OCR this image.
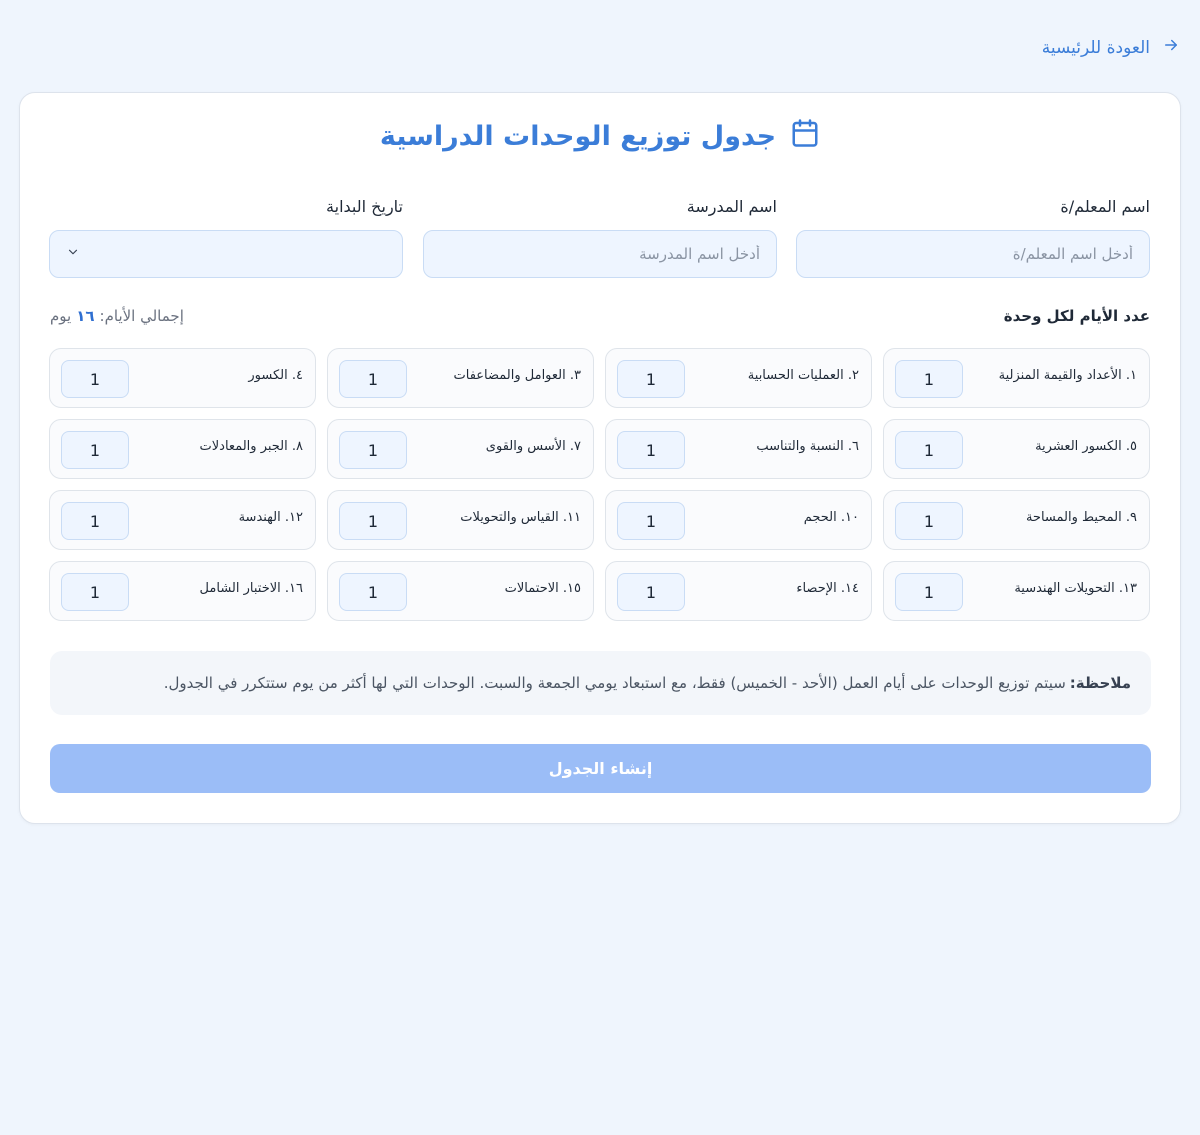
العودة للرئيسية
جدول توزيع الوحدات الدراسية
اسم المعلم/ة
اسم المدرسة
تاريخ البداية
أدخل اسم المعلم/ة
أدخل اسم المدرسة
عدد الأيام لكل وحدة
إجمالي الأيام:
١٦
يوم
١. الأعداد والقيمة المنزلية
1
٢. العمليات الحسابية
1
٣. العوامل والمضاعفات
1
٤. الكسور
1
٥. الكسور العشرية
1
٦. النسبة والتناسب
1
٧. الأسس والقوى
1
٨. الجبر والمعادلات
1
٩. المحيط والمساحة
1
١٠. الحجم
1
١١. القياس والتحويلات
1
١٢. الهندسة
1
١٣. التحويلات الهندسية
1
١٤. الإحصاء
1
١٥. الاحتمالات
1
١٦. الاختبار الشامل
1
ملاحظة:
سيتم توزيع الوحدات على أيام العمل (الأحد - الخميس) فقط، مع استبعاد يومي الجمعة والسبت. الوحدات التي لها أكثر من يوم ستتكرر في الجدول.
إنشاء الجدول
